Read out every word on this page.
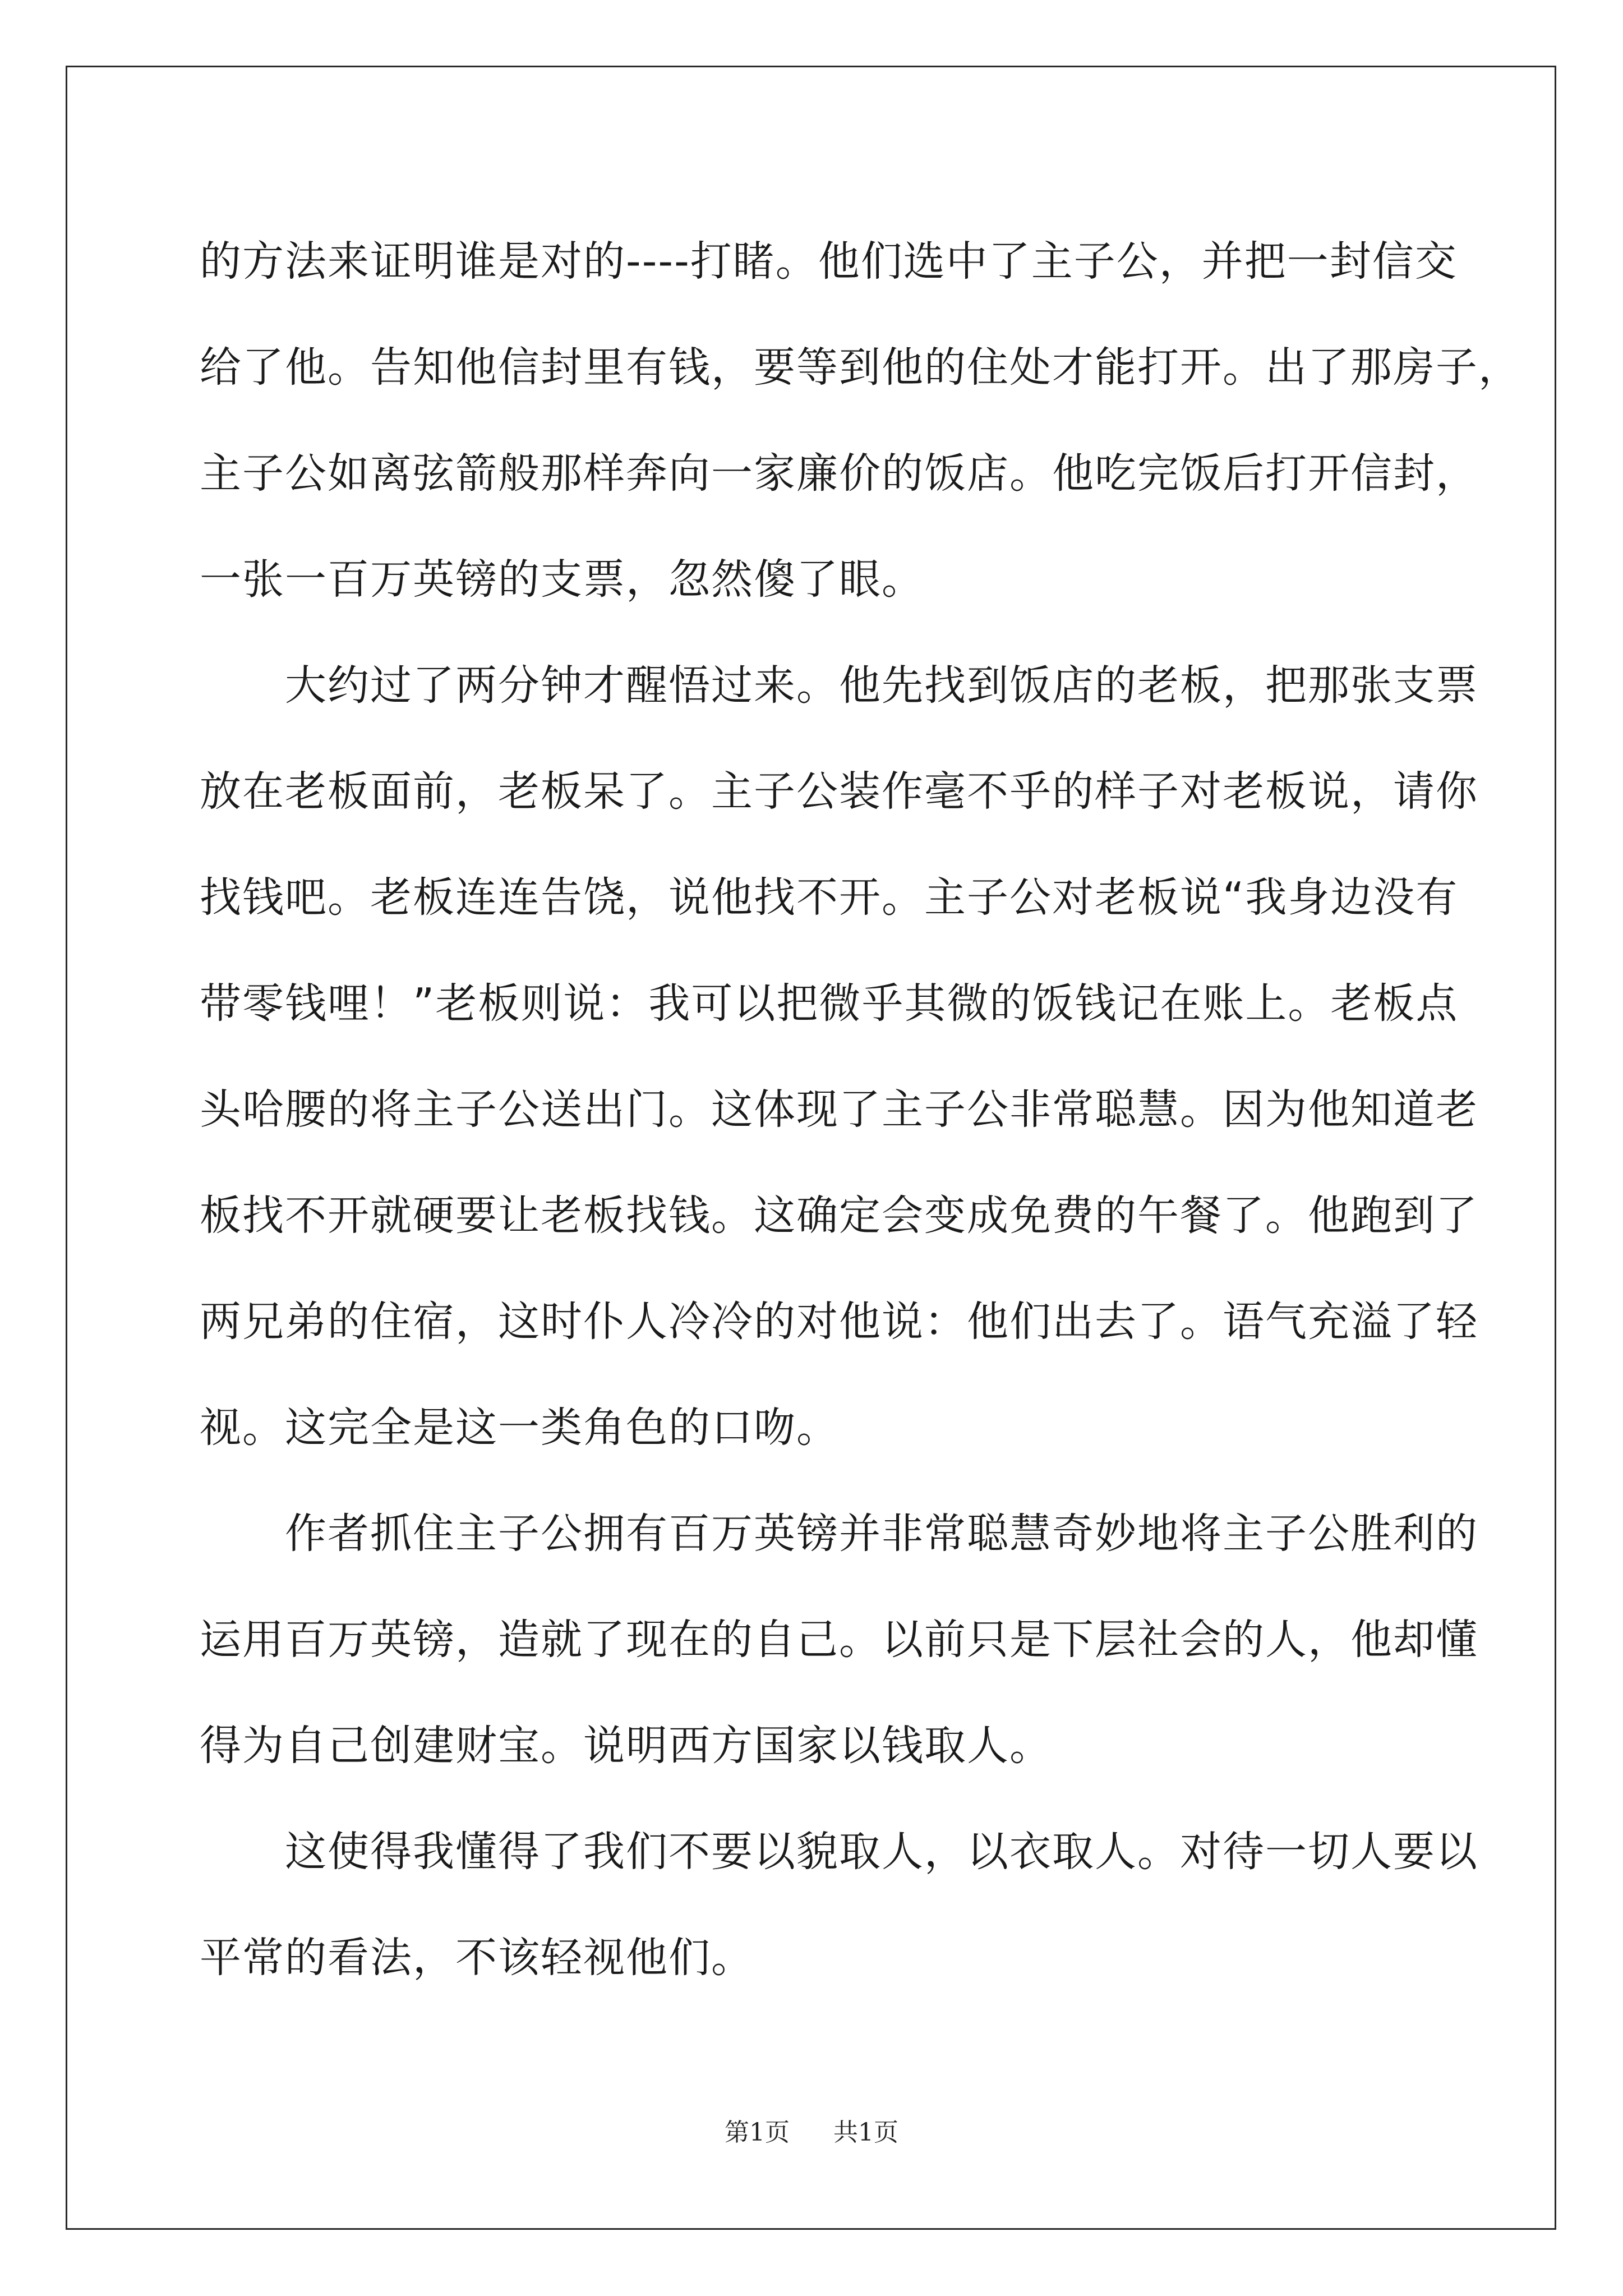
的方法来证明谁是对的----打睹。他们选中了主子公，并把一封信交
给了他。告知他信封里有钱，要等到他的住处才能打开。出了那房子，
主子公如离弦箭般那样奔向一家廉价的饭店。他吃完饭后打开信封，
一张一百万英镑的支票，忽然傻了眼。
　　大约过了两分钟才醒悟过来。他先找到饭店的老板，把那张支票
放在老板面前，老板呆了。主子公装作毫不乎的样子对老板说，请你
找钱吧。老板连连告饶，说他找不开。主子公对老板说“我身边没有
带零钱哩！”老板则说：我可以把微乎其微的饭钱记在账上。老板点
头哈腰的将主子公送出门。这体现了主子公非常聪慧。因为他知道老
板找不开就硬要让老板找钱。这确定会变成免费的午餐了。他跑到了
两兄弟的住宿，这时仆人冷冷的对他说：他们出去了。语气充溢了轻
视。这完全是这一类角色的口吻。
　　作者抓住主子公拥有百万英镑并非常聪慧奇妙地将主子公胜利的
运用百万英镑，造就了现在的自己。以前只是下层社会的人，他却懂
得为自己创建财宝。说明西方国家以钱取人。
　　这使得我懂得了我们不要以貌取人，以衣取人。对待一切人要以
平常的看法，不该轻视他们。
第1页 共1页
